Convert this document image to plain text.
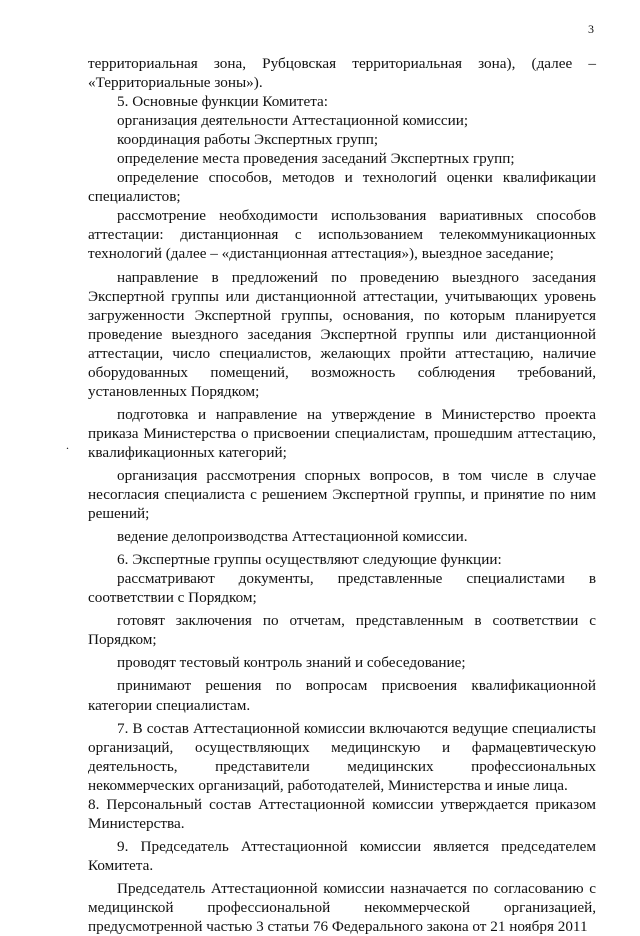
3
.

территориальная зона, Рубцовская территориальная зона), (далее – «Территориальные зоны»).

5. Основные функции Комитета:

организация деятельности Аттестационной комиссии;

координация работы Экспертных групп;

определение места проведения заседаний Экспертных групп;

определение способов, методов и технологий оценки квалификации специалистов;

рассмотрение необходимости использования вариативных способов аттестации: дистанционная с использованием телекоммуникационных технологий (далее – «дистанционная аттестация»), выездное заседание;

направление в предложений по проведению выездного заседания Экспертной группы или дистанционной аттестации, учитывающих уровень загруженности Экспертной группы, основания, по которым планируется проведение выездного заседания Экспертной группы или дистанционной аттестации, число специалистов, желающих пройти аттестацию, наличие оборудованных помещений, возможность соблюдения требований, установленных Порядком;

подготовка и направление на утверждение в Министерство проекта приказа Министерства о присвоении специалистам, прошедшим аттестацию, квалификационных категорий;

организация рассмотрения спорных вопросов, в том числе в случае несогласия специалиста с решением Экспертной группы, и принятие по ним решений;

ведение делопроизводства Аттестационной комиссии.

6. Экспертные группы осуществляют следующие функции:

рассматривают документы, представленные специалистами в соответствии с Порядком;

готовят заключения по отчетам, представленным в соответствии с Порядком;

проводят тестовый контроль знаний и собеседование;

принимают решения по вопросам присвоения квалификационной категории специалистам.

7. В состав Аттестационной комиссии включаются ведущие специалисты организаций, осуществляющих медицинскую и фармацевтическую деятельность, представители медицинских профессиональных некоммерческих организаций, работодателей, Министерства и иные лица.

8. Персональный состав Аттестационной комиссии утверждается приказом Министерства.

9. Председатель Аттестационной комиссии является председателем Комитета.

Председатель Аттестационной комиссии назначается по согласованию с медицинской профессиональной некоммерческой организацией, предусмотренной частью 3 статьи 76 Федерального закона от 21 ноября 2011
